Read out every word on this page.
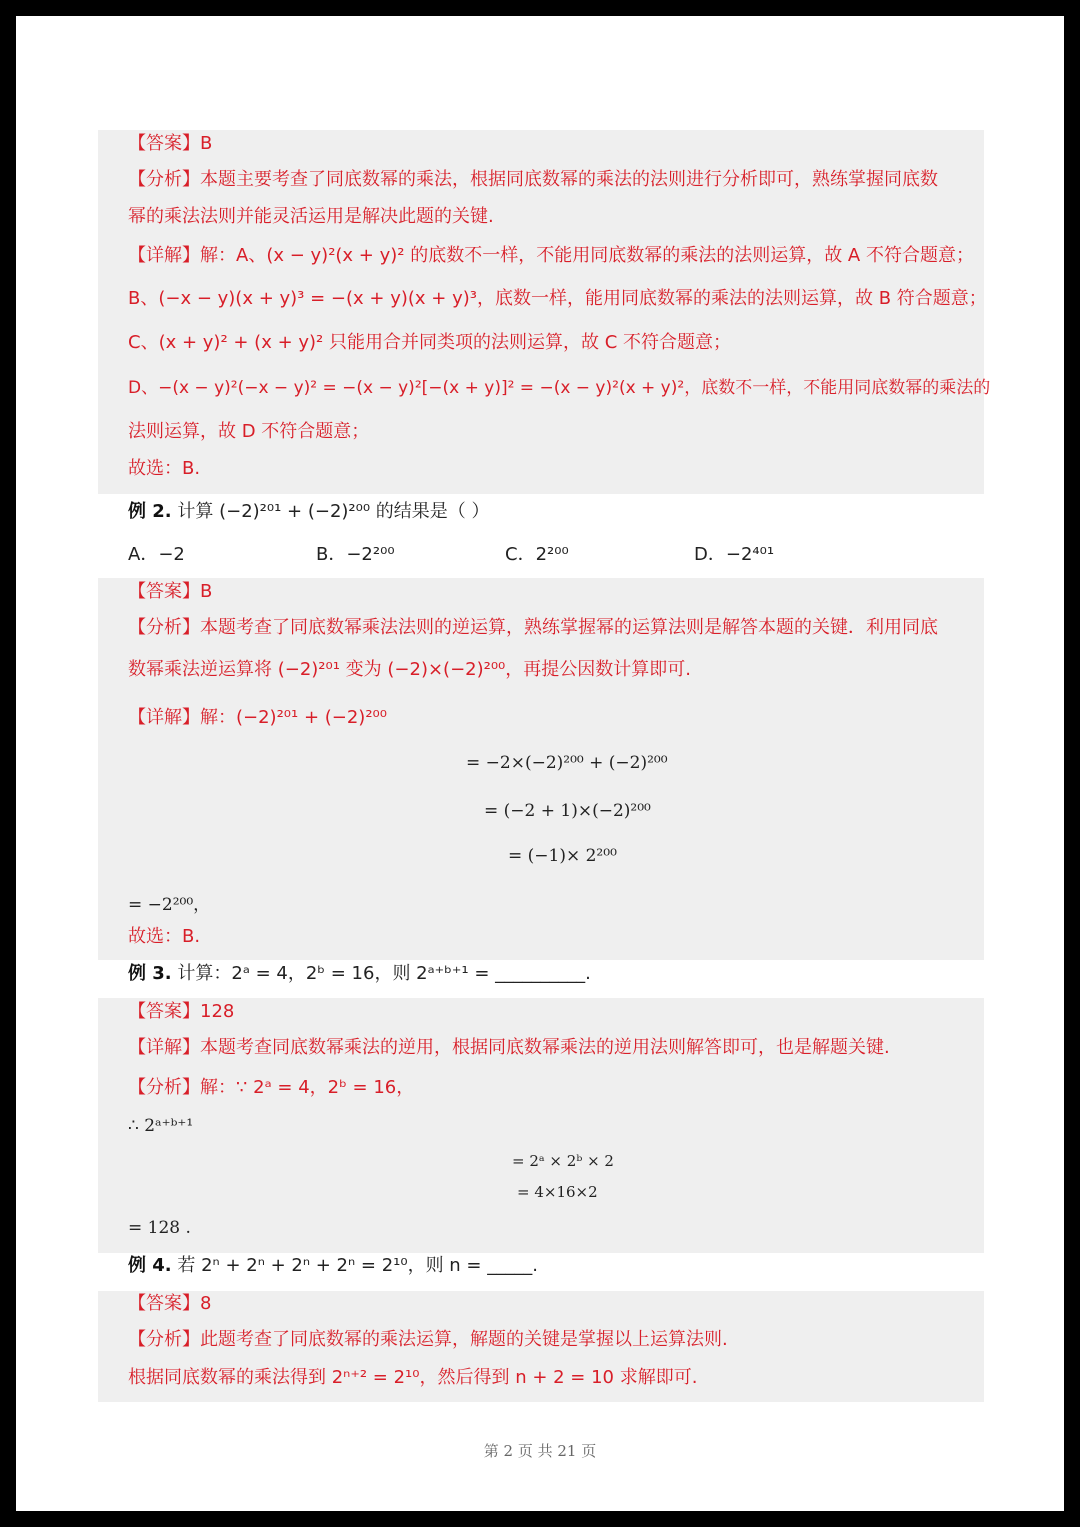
【答案】B
【分析】本题主要考查了同底数幂的乘法，根据同底数幂的乘法的法则进行分析即可，熟练掌握同底数
幂的乘法法则并能灵活运用是解决此题的关键.
【详解】解：A、(x − y)²(x + y)² 的底数不一样，不能用同底数幂的乘法的法则运算，故 A 不符合题意；
B、(−x − y)(x + y)³ = −(x + y)(x + y)³，底数一样，能用同底数幂的乘法的法则运算，故 B 符合题意；
C、(x + y)² + (x + y)² 只能用合并同类项的法则运算，故 C 不符合题意；
D、−(x − y)²(−x − y)² = −(x − y)²[−(x + y)]² = −(x − y)²(x + y)²，底数不一样，不能用同底数幂的乘法的
法则运算，故 D 不符合题意；
故选：B.
例 2. 计算 (−2)²⁰¹ + (−2)²⁰⁰ 的结果是（ ）
A．−2	B．−2²⁰⁰	C．2²⁰⁰	D．−2⁴⁰¹
【答案】B
【分析】本题考查了同底数幂乘法法则的逆运算，熟练掌握幂的运算法则是解答本题的关键．利用同底
数幂乘法逆运算将 (−2)²⁰¹ 变为 (−2)×(−2)²⁰⁰，再提公因数计算即可.
【详解】解：(−2)²⁰¹ + (−2)²⁰⁰
= −2×(−2)²⁰⁰ + (−2)²⁰⁰
= (−2 + 1)×(−2)²⁰⁰
= (−1)× 2²⁰⁰
= −2²⁰⁰，
故选：B.
例 3. 计算：2ᵃ = 4，2ᵇ = 16，则 2ᵃ⁺ᵇ⁺¹ = __________.
【答案】128
【详解】本题考查同底数幂乘法的逆用，根据同底数幂乘法的逆用法则解答即可，也是解题关键.
【分析】解：∵ 2ᵃ = 4，2ᵇ = 16，
∴ 2ᵃ⁺ᵇ⁺¹
= 2ᵃ × 2ᵇ × 2
= 4×16×2
= 128 .
例 4. 若 2ⁿ + 2ⁿ + 2ⁿ + 2ⁿ = 2¹⁰，则 n = _____.
【答案】8
【分析】此题考查了同底数幂的乘法运算，解题的关键是掌握以上运算法则.
根据同底数幂的乘法得到 2ⁿ⁺² = 2¹⁰，然后得到 n + 2 = 10 求解即可.
第 2 页 共 21 页
